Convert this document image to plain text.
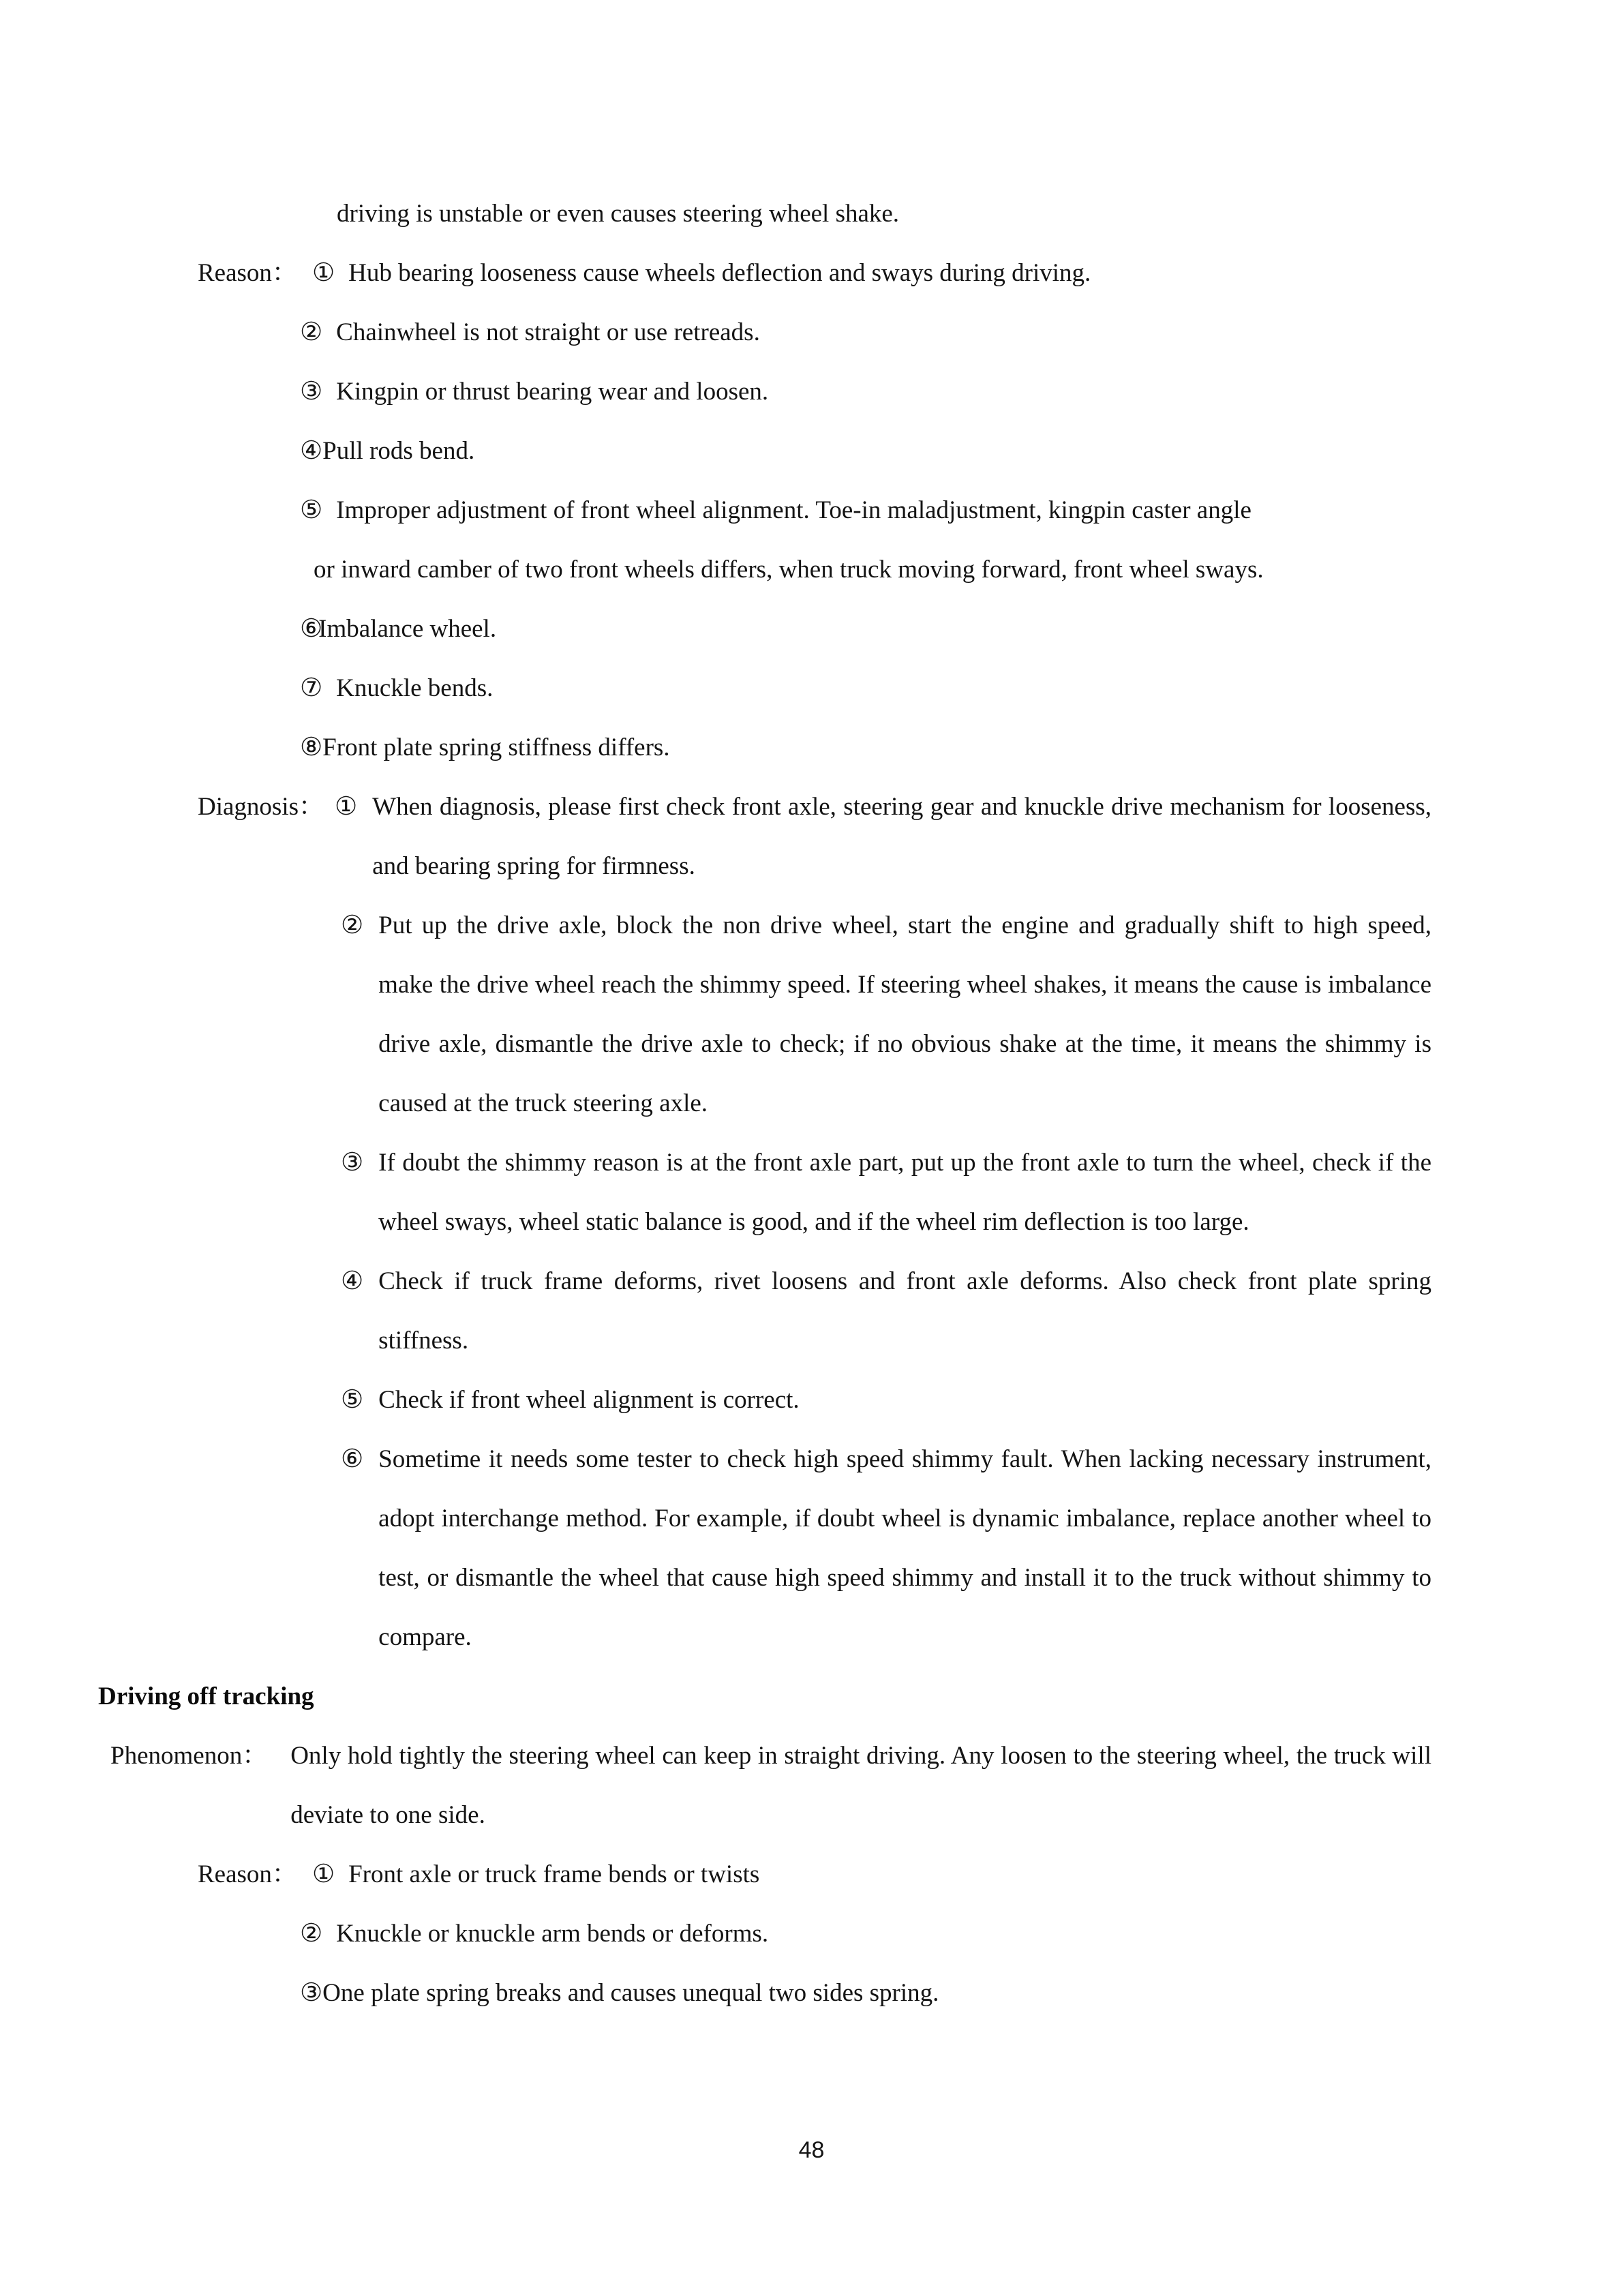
driving is unstable or even causes steering wheel shake.
Reason： ① Hub bearing looseness cause wheels deflection and sways during driving.
② Chainwheel is not straight or use retreads.
③ Kingpin or thrust bearing wear and loosen.
④ Pull rods bend.
⑤ Improper adjustment of front wheel alignment. Toe-in maladjustment, kingpin caster angle
or inward camber of two front wheels differs, when truck moving forward, front wheel sways.
⑥
Imbalance wheel.
⑦ Knuckle bends.
⑧ Front plate spring stiffness differs.
Diagnosis： ① When diagnosis, please first check front axle, steering gear and knuckle drive mechanism for looseness, and bearing spring for firmness.
② Put up the drive axle, block the non drive wheel, start the engine and gradually shift to high speed, make the drive wheel reach the shimmy speed. If steering wheel shakes, it means the cause is imbalance drive axle, dismantle the drive axle to check; if no obvious shake at the time, it means the shimmy is caused at the truck steering axle.
③ If doubt the shimmy reason is at the front axle part, put up the front axle to turn the wheel, check if the wheel sways, wheel static balance is good, and if the wheel rim deflection is too large.
④ Check if truck frame deforms, rivet loosens and front axle deforms. Also check front plate spring stiffness.
⑤ Check if front wheel alignment is correct.
⑥ Sometime it needs some tester to check high speed shimmy fault. When lacking necessary instrument, adopt interchange method. For example, if doubt wheel is dynamic imbalance, replace another wheel to test, or dismantle the wheel that cause high speed shimmy and install it to the truck without shimmy to compare.
Driving off tracking
Phenomenon： Only hold tightly the steering wheel can keep in straight driving. Any loosen to the steering wheel, the truck will deviate to one side.
Reason： ① Front axle or truck frame bends or twists
② Knuckle or knuckle arm bends or deforms.
③ One plate spring breaks and causes unequal two sides spring.
48
